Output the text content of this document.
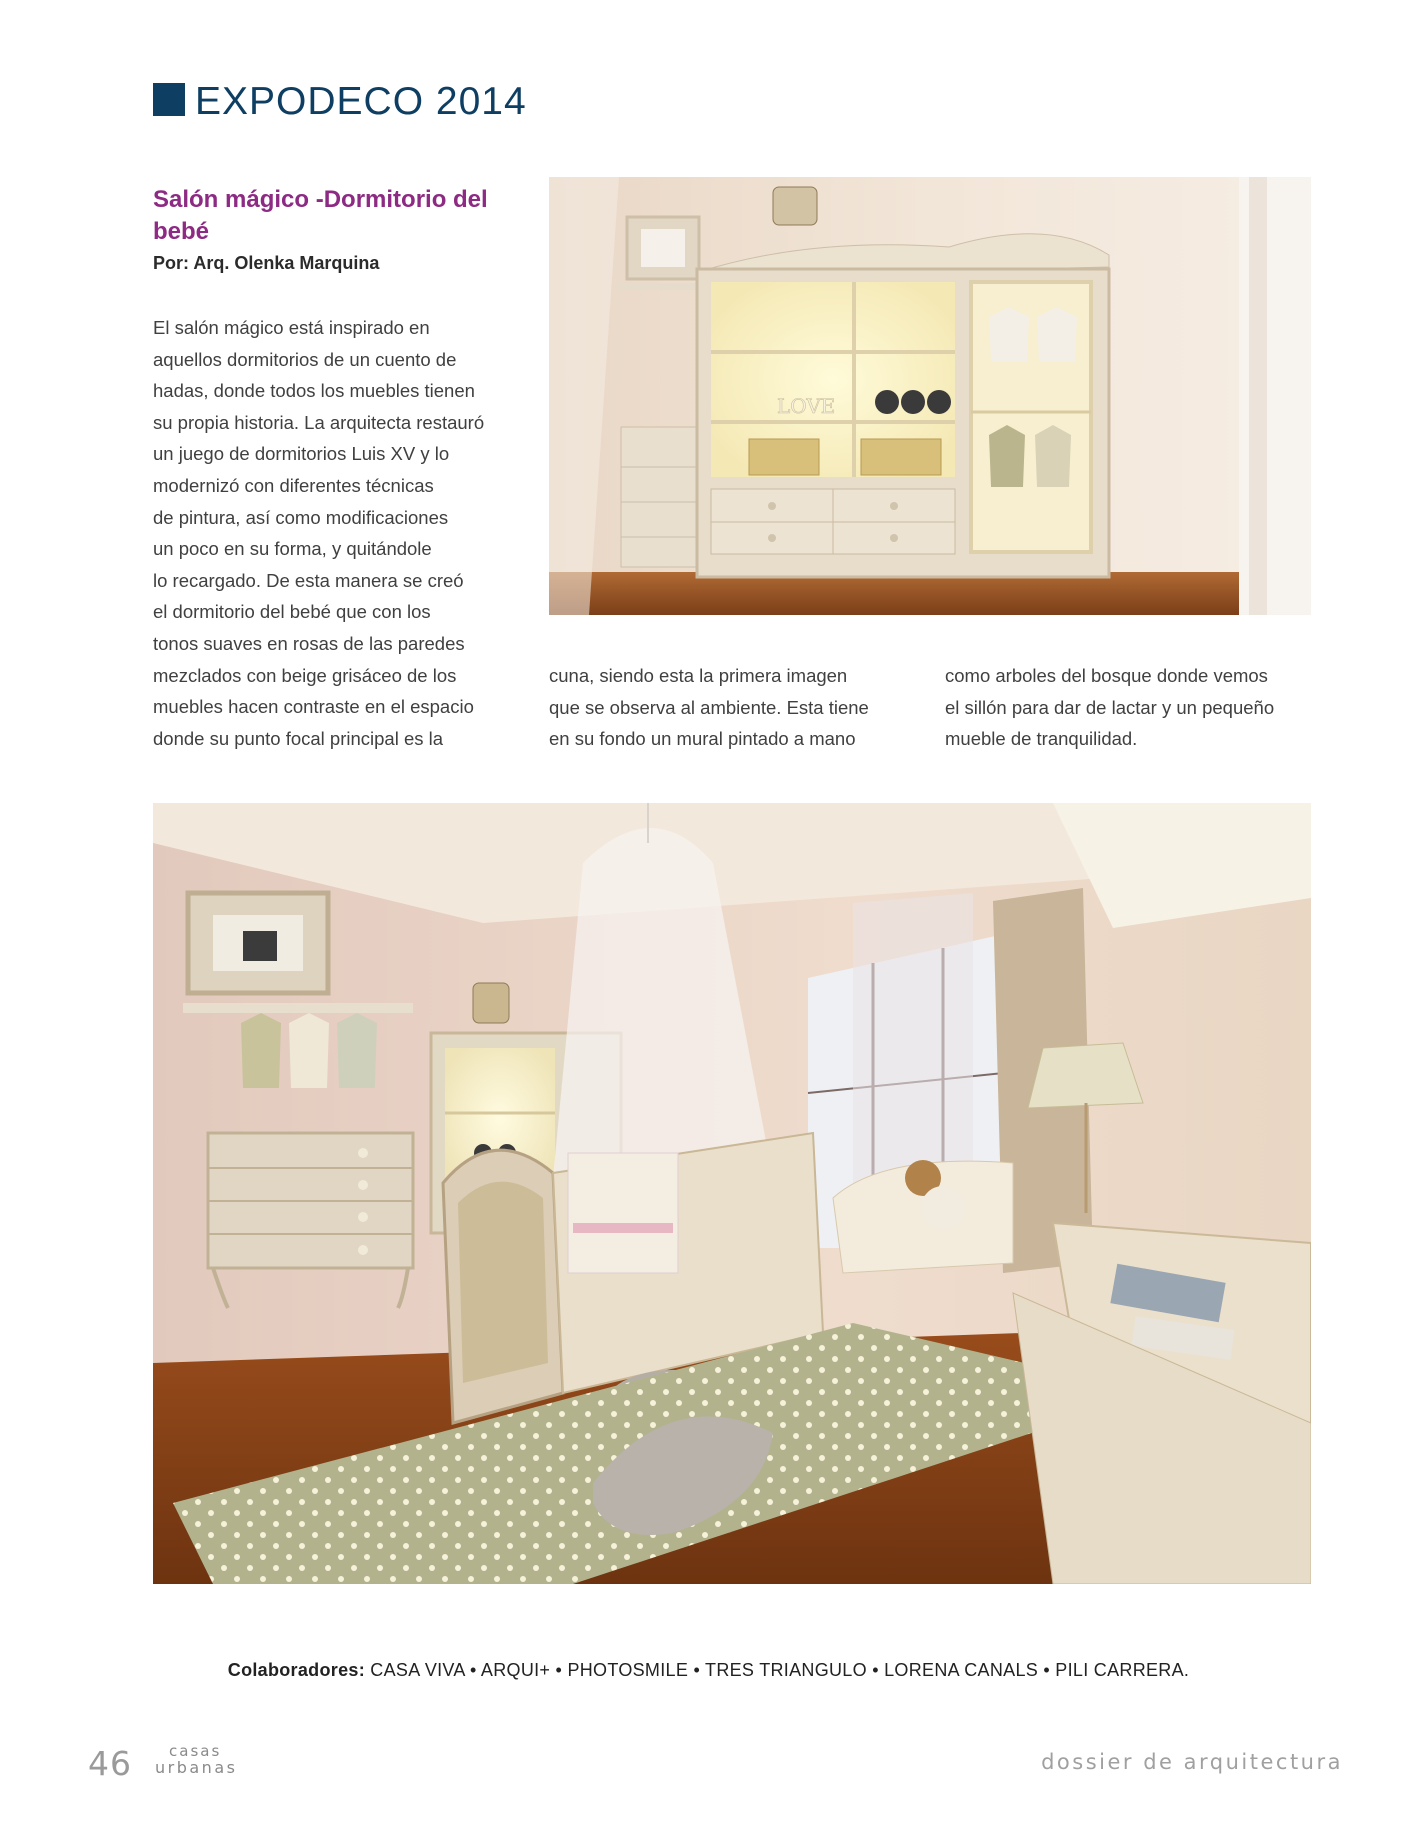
EXPODECO 2014
Salón mágico -Dormitorio del bebé
Por: Arq. Olenka Marquina

El salón mágico está inspirado en
aquellos dormitorios de un cuento de
hadas, donde todos los muebles tienen
su propia historia. La arquitecta restauró
un juego de dormitorios Luis XV y lo
modernizó con diferentes técnicas
de pintura, así como modificaciones
un poco en su forma, y quitándole
lo recargado. De esta manera se creó
el dormitorio del bebé que con los
tonos suaves en rosas de las paredes
mezclados con beige grisáceo de los
muebles hacen contraste en el espacio
donde su punto focal principal es la

cuna, siendo esta la primera imagen
que se observa al ambiente. Esta tiene
en su fondo un mural pintado a mano

como arboles del bosque donde vemos
el sillón para dar de lactar y un pequeño
mueble de tranquilidad.

LOVE
Colaboradores: CASA VIVA • ARQUI+ • PHOTOSMILE • TRES TRIANGULO • LORENA CANALS • PILI CARRERA.
46 casas
urbanas	dossier de arquitectura
